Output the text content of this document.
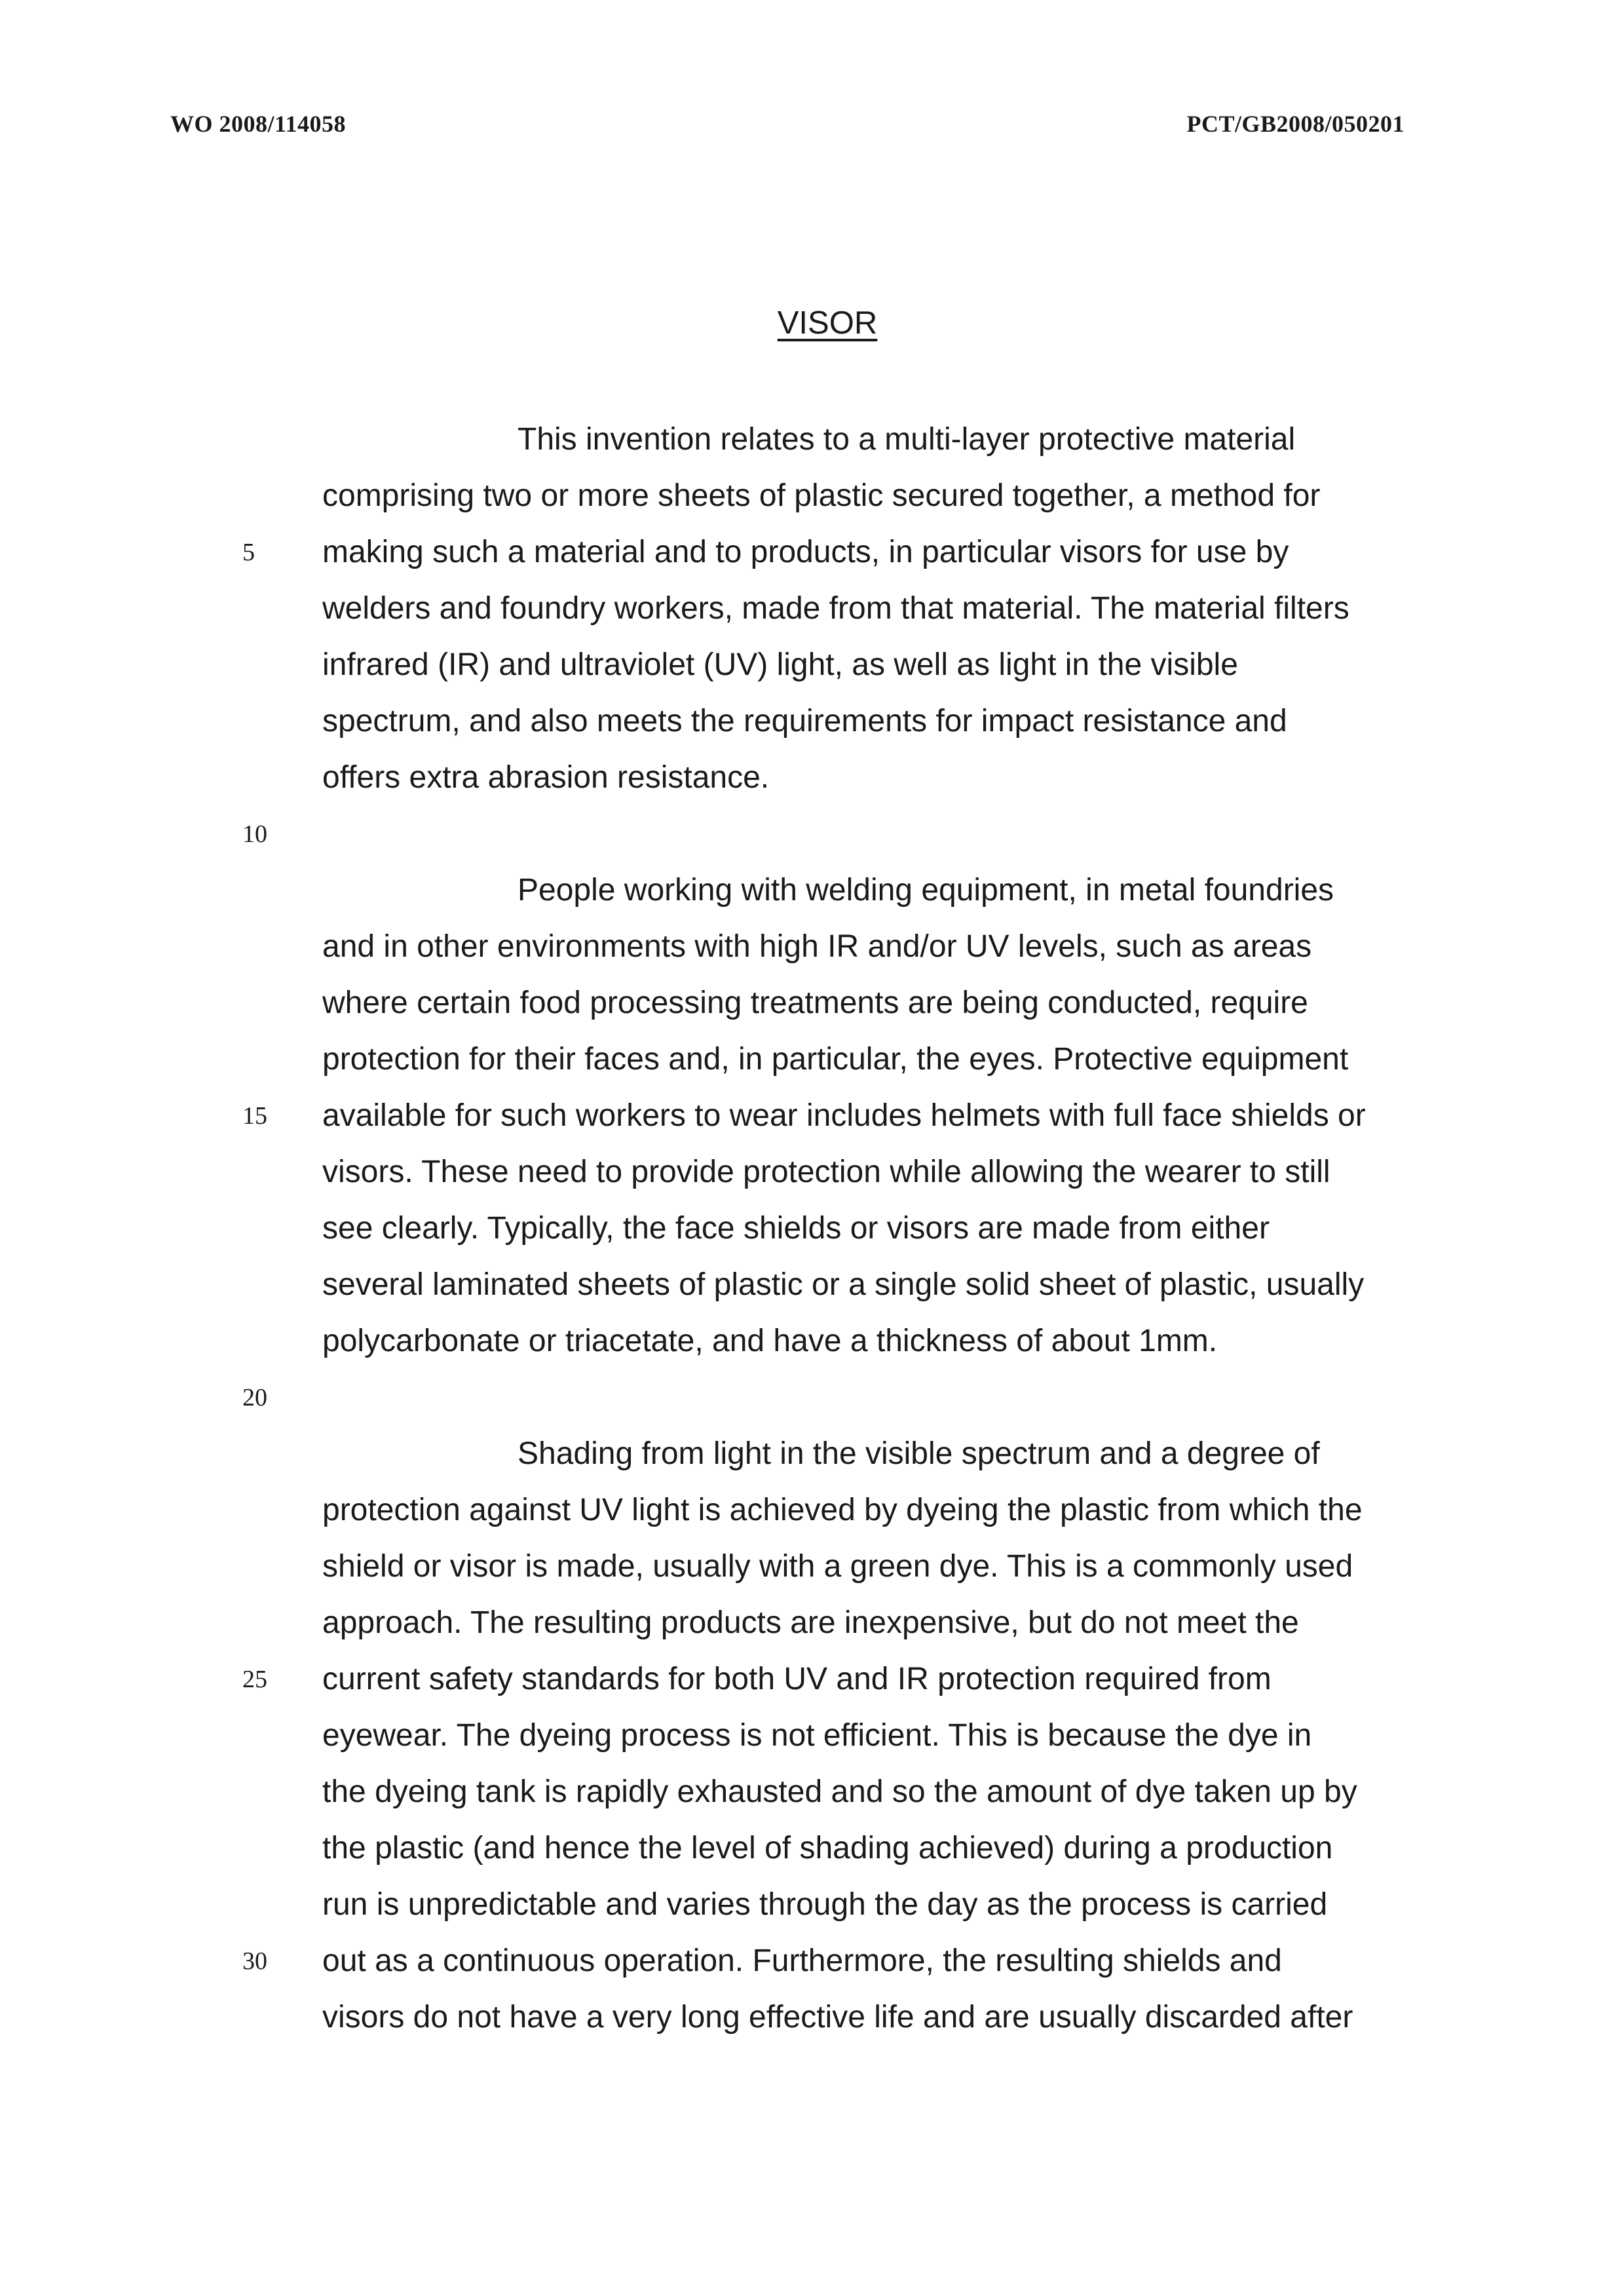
WO 2008/114058	PCT/GB2008/050201
VISOR
This invention relates to a multi-layer protective material
comprising two or more sheets of plastic secured together, a method for
making such a material and to products, in particular visors for use by
welders and foundry workers, made from that material. The material filters
infrared (IR) and ultraviolet (UV) light, as well as light in the visible
spectrum, and also meets the requirements for impact resistance and
offers extra abrasion resistance.
People working with welding equipment, in metal foundries
and in other environments with high IR and/or UV levels, such as areas
where certain food processing treatments are being conducted, require
protection for their faces and, in particular, the eyes. Protective equipment
available for such workers to wear includes helmets with full face shields or
visors. These need to provide protection while allowing the wearer to still
see clearly. Typically, the face shields or visors are made from either
several laminated sheets of plastic or a single solid sheet of plastic, usually
polycarbonate or triacetate, and have a thickness of about 1mm.
Shading from light in the visible spectrum and a degree of
protection against UV light is achieved by dyeing the plastic from which the
shield or visor is made, usually with a green dye. This is a commonly used
approach. The resulting products are inexpensive, but do not meet the
current safety standards for both UV and IR protection required from
eyewear. The dyeing process is not efficient. This is because the dye in
the dyeing tank is rapidly exhausted and so the amount of dye taken up by
the plastic (and hence the level of shading achieved) during a production
run is unpredictable and varies through the day as the process is carried
out as a continuous operation. Furthermore, the resulting shields and
visors do not have a very long effective life and are usually discarded after
5
10
15
20
25
30
